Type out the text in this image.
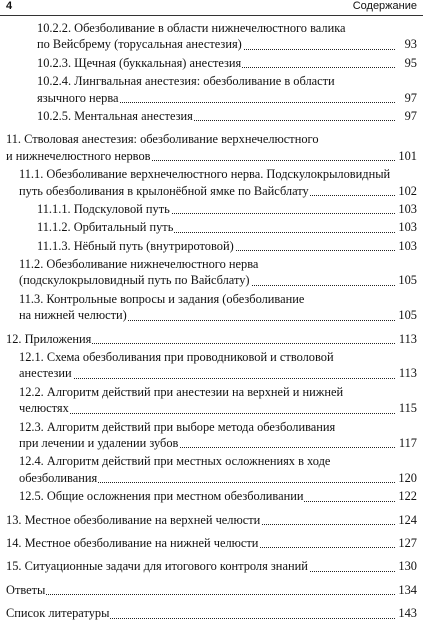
4	Содержание
10.2.2. Обезболивание в области нижнечелюстного валика
по Вейсбрему (торусальная анестезия)	93
10.2.3. Щечная (буккальная) анестезия	95
10.2.4. Лингвальная анестезия: обезболивание в области
язычного нерва	97
10.2.5. Ментальная анестезия	97
11. Стволовая анестезия: обезболивание верхнечелюстного
и нижнечелюстного нервов	101
11.1. Обезболивание верхнечелюстного нерва. Подскулокрыловидный
путь обезболивания в крылонёбной ямке по Вайсблату	102
11.1.1. Подскуловой путь	103
11.1.2. Орбитальный путь	103
11.1.3. Нёбный путь (внутриротовой)	103
11.2. Обезболивание нижнечелюстного нерва
(подскулокрыловидный путь по Вайсблату)	105
11.3. Контрольные вопросы и задания (обезболивание
на нижней челюсти)	105
12. Приложения	113
12.1. Схема обезболивания при проводниковой и стволовой
анестезии	113
12.2. Алгоритм действий при анестезии на верхней и нижней
челюстях	115
12.3. Алгоритм действий при выборе метода обезболивания
при лечении и удалении зубов	117
12.4. Алгоритм действий при местных осложнениях в ходе
обезболивания	120
12.5. Общие осложнения при местном обезболивании	122
13. Местное обезболивание на верхней челюсти	124
14. Местное обезболивание на нижней челюсти	127
15. Ситуационные задачи для итогового контроля знаний	130
Ответы	134
Список литературы	143
